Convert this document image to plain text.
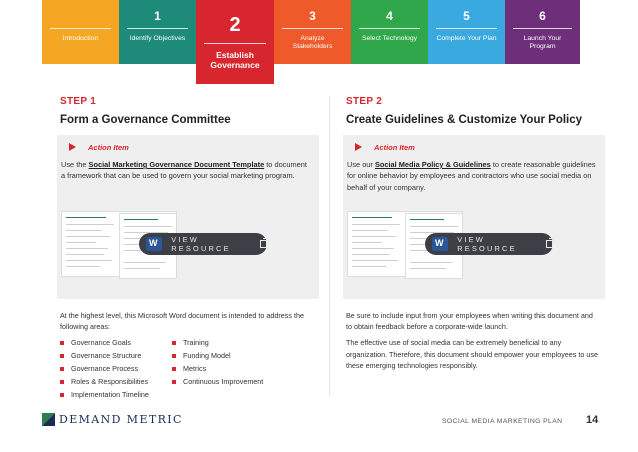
Introduction
1
Identify Objectives
2
Establish Governance
3
Analyze Stakeholders
4
Select Technology
5
Complete Your Plan
6
Launch Your Program
STEP 1
Form a Governance Committee
Action Item
Use the Social Marketing Governance Document Template to document a framework that can be used to govern your social marketing program.
W
VIEW RESOURCE
At the highest level, this Microsoft Word document is intended to address the following areas:
Governance Goals	Training
Governance Structure	Funding Model
Governance Process	Metrics
Roles & Responsibilities	Continuous Improvement
Implementation Timeline
STEP 2
Create Guidelines & Customize Your Policy
Action Item
Use our Social Media Policy & Guidelines to create reasonable guidelines for online behavior by employees and contractors who use social media on behalf of your company.
W
VIEW RESOURCE

Be sure to include input from your employees when writing this document and to obtain feedback before a corporate-wide launch.

The effective use of social media can be extremely beneficial to any organization. Therefore, this document should empower your employees to use these emerging technologies responsibly.

DEMAND METRIC	SOCIAL MEDIA MARKETING PLAN 14
